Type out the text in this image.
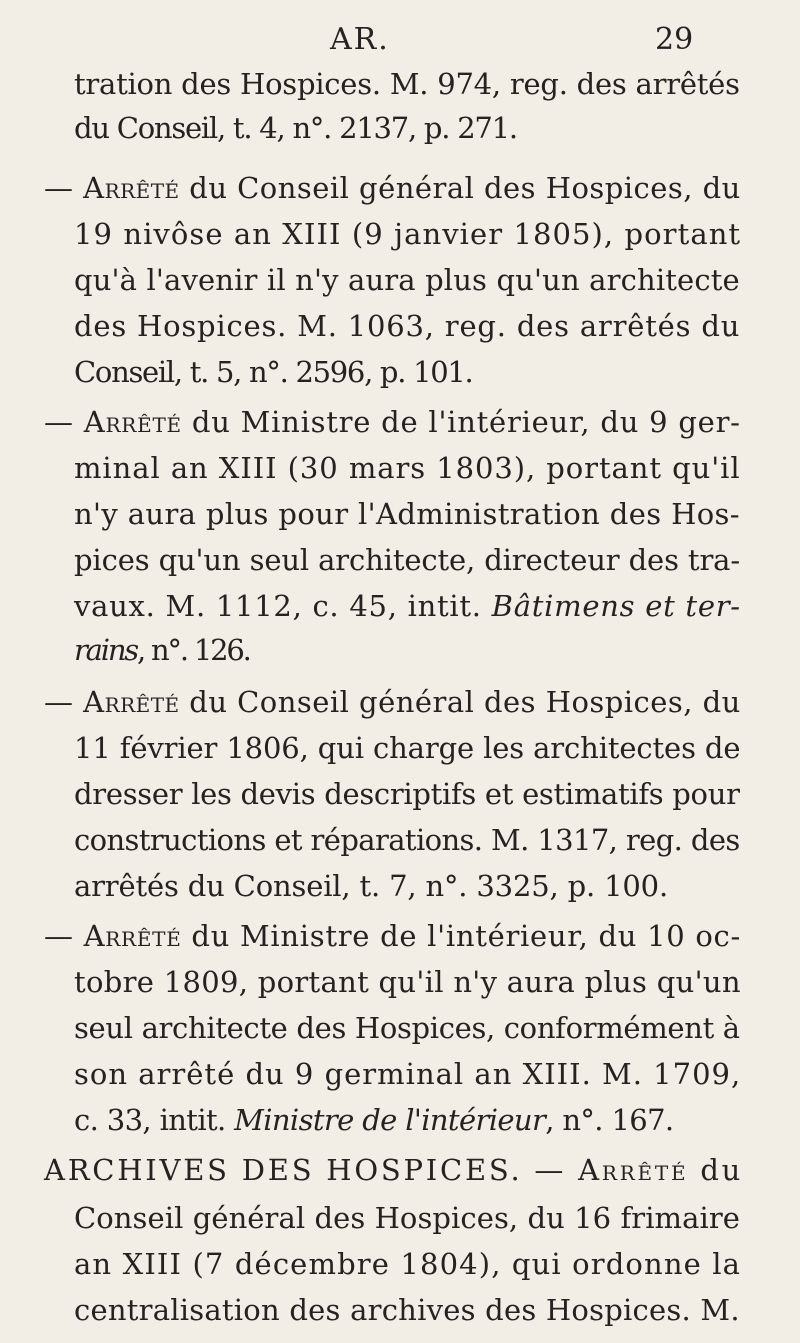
AR.	29
tration des Hospices. M. 974, reg. des arrêtés
du Conseil, t. 4, n°. 2137, p. 271.
— Arrêté du Conseil général des Hospices, du
19 nivôse an XIII (9 janvier 1805), portant
qu'à l'avenir il n'y aura plus qu'un architecte
des Hospices. M. 1063, reg. des arrêtés du
Conseil, t. 5, n°. 2596, p. 101.
— Arrêté du Ministre de l'intérieur, du 9 ger-
minal an XIII (30 mars 1803), portant qu'il
n'y aura plus pour l'Administration des Hos-
pices qu'un seul architecte, directeur des tra-
vaux. M. 1112, c. 45, intit. Bâtimens et ter-
rains, n°. 126.
— Arrêté du Conseil général des Hospices, du
11 février 1806, qui charge les architectes de
dresser les devis descriptifs et estimatifs pour
constructions et réparations. M. 1317, reg. des
arrêtés du Conseil, t. 7, n°. 3325, p. 100.
— Arrêté du Ministre de l'intérieur, du 10 oc-
tobre 1809, portant qu'il n'y aura plus qu'un
seul architecte des Hospices, conformément à
son arrêté du 9 germinal an XIII. M. 1709,
c. 33, intit. Ministre de l'intérieur, n°. 167.
ARCHIVES DES HOSPICES. — Arrêté du
Conseil général des Hospices, du 16 frimaire
an XIII (7 décembre 1804), qui ordonne la
centralisation des archives des Hospices. M.
